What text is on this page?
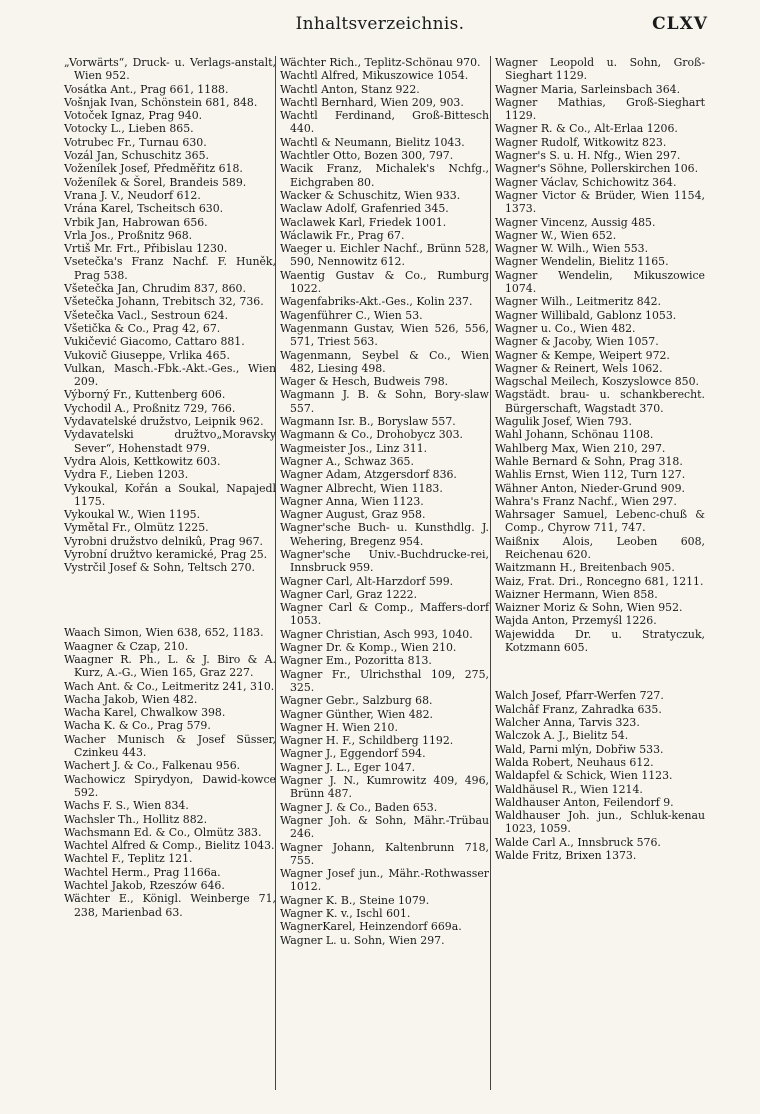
Inhaltsverzeichnis.	CLXV

„Vorwärts“, Druck- u. Verlags-anstalt, Wien 952.

Vosátka Ant., Prag 661, 1188.

Vošnjak Ivan, Schönstein 681, 848.

Votoček Ignaz, Prag 940.

Votocky L., Lieben 865.

Votrubec Fr., Turnau 630.

Vozál Jan, Schuschitz 365.

Voženílek Josef, Předměřitz 618.

Voženílek & Šorel, Brandeis 589.

Vrana J. V., Neudorf 612.

Vrána Karel, Tscheitsch 630.

Vrbik Jan, Habrowan 656.

Vrla Jos., Proßnitz 968.

Vrtiš Mr. Frt., Přibislau 1230.

Vsetečka's Franz Nachf. F. Huněk, Prag 538.

Všetečka Jan, Chrudim 837, 860.

Všetečka Johann, Trebitsch 32, 736.

Všetečka Vacl., Sestroun 624.

Všetička & Co., Prag 42, 67.

Vukičević Giacomo, Cattaro 881.

Vukovič Giuseppe, Vrlika 465.

Vulkan, Masch.-Fbk.-Akt.-Ges., Wien 209.

Výborný Fr., Kuttenberg 606.

Vychodil A., Proßnitz 729, 766.

Vydavatelské družstvo, Leipnik 962.

Vydavatelski družtvo„Moravsky Sever“, Hohenstadt 979.

Vydra Alois, Kettkowitz 603.

Vydra F., Lieben 1203.

Vykoukal, Kořán a Soukal, Napajedl 1175.

Vykoukal W., Wien 1195.

Vymětal Fr., Olmütz 1225.

Vyrobni družstvo delnikû, Prag 967.

Vyrobní družtvo keramické, Prag 25.

Vystrčil Josef & Sohn, Teltsch 270.

Waach Simon, Wien 638, 652, 1183.

Waagner & Czap, 210.

Waagner R. Ph., L. & J. Biro & A. Kurz, A.-G., Wien 165, Graz 227.

Wach Ant. & Co., Leitmeritz 241, 310.

Wacha Jakob, Wien 482.

Wacha Karel, Chwalkow 398.

Wacha K. & Co., Prag 579.

Wacher Munisch & Josef Süsser, Czinkeu 443.

Wachert J. & Co., Falkenau 956.

Wachowicz Spirydyon, Dawid-kowce 592.

Wachs F. S., Wien 834.

Wachsler Th., Hollitz 882.

Wachsmann Ed. & Co., Olmütz 383.

Wachtel Alfred & Comp., Bielitz 1043.

Wachtel F., Teplitz 121.

Wachtel Herm., Prag 1166a.

Wachtel Jakob, Rzeszów 646.

Wächter E., Königl. Weinberge 71, 238, Marienbad 63.

Wächter Rich., Teplitz-Schönau 970.

Wachtl Alfred, Mikuszowice 1054.

Wachtl Anton, Stanz 922.

Wachtl Bernhard, Wien 209, 903.

Wachtl Ferdinand, Groß-Bittesch 440.

Wachtl & Neumann, Bielitz 1043.

Wachtler Otto, Bozen 300, 797.

Wacik Franz, Michalek's Nchfg., Eichgraben 80.

Wacker & Schuschitz, Wien 933.

Waclaw Adolf, Grafenried 345.

Waclawek Karl, Friedek 1001.

Wáclawik Fr., Prag 67.

Waeger u. Eichler Nachf., Brünn 528, 590, Nennowitz 612.

Waentig Gustav & Co., Rumburg 1022.

Wagenfabriks-Akt.-Ges., Kolin 237.

Wagenführer C., Wien 53.

Wagenmann Gustav, Wien 526, 556, 571, Triest 563.

Wagenmann, Seybel & Co., Wien 482, Liesing 498.

Wager & Hesch, Budweis 798.

Wagmann J. B. & Sohn, Bory-slaw 557.

Wagmann Isr. B., Boryslaw 557.

Wagmann & Co., Drohobycz 303.

Wagmeister Jos., Linz 311.

Wagner A., Schwaz 365.

Wagner Adam, Atzgersdorf 836.

Wagner Albrecht, Wien 1183.

Wagner Anna, Wien 1123.

Wagner August, Graz 958.

Wagner'sche Buch- u. Kunsthdlg. J. Wehering, Bregenz 954.

Wagner'sche Univ.-Buchdrucke-rei, Innsbruck 959.

Wagner Carl, Alt-Harzdorf 599.

Wagner Carl, Graz 1222.

Wagner Carl & Comp., Maffers-dorf 1053.

Wagner Christian, Asch 993, 1040.

Wagner Dr. & Komp., Wien 210.

Wagner Em., Pozoritta 813.

Wagner Fr., Ulrichsthal 109, 275, 325.

Wagner Gebr., Salzburg 68.

Wagner Günther, Wien 482.

Wagner H. Wien 210.

Wagner H. F., Schildberg 1192.

Wagner J., Eggendorf 594.

Wagner J. L., Eger 1047.

Wagner J. N., Kumrowitz 409, 496, Brünn 487.

Wagner J. & Co., Baden 653.

Wagner Joh. & Sohn, Mähr.-Trübau 246.

Wagner Johann, Kaltenbrunn 718, 755.

Wagner Josef jun., Mähr.-Rothwasser 1012.

Wagner K. B., Steine 1079.

Wagner K. v., Ischl 601.

WagnerKarel, Heinzendorf 669a.

Wagner L. u. Sohn, Wien 297.

Wagner Leopold u. Sohn, Groß-Sieghart 1129.

Wagner Maria, Sarleinsbach 364.

Wagner Mathias, Groß-Sieghart 1129.

Wagner R. & Co., Alt-Erlaa 1206.

Wagner Rudolf, Witkowitz 823.

Wagner's S. u. H. Nfg., Wien 297.

Wagner's Söhne, Pollerskirchen 106.

Wagner Václav, Schichowitz 364.

Wagner Victor & Brüder, Wien 1154, 1373.

Wagner Vincenz, Aussig 485.

Wagner W., Wien 652.

Wagner W. Wilh., Wien 553.

Wagner Wendelin, Bielitz 1165.

Wagner Wendelin, Mikuszowice 1074.

Wagner Wilh., Leitmeritz 842.

Wagner Willibald, Gablonz 1053.

Wagner u. Co., Wien 482.

Wagner & Jacoby, Wien 1057.

Wagner & Kempe, Weipert 972.

Wagner & Reinert, Wels 1062.

Wagschal Meilech, Koszyslowce 850.

Wagstädt. brau- u. schankberecht. Bürgerschaft, Wagstadt 370.

Wagulik Josef, Wien 793.

Wahl Johann, Schönau 1108.

Wahlberg Max, Wien 210, 297.

Wahle Bernard & Sohn, Prag 318.

Wahlis Ernst, Wien 112, Turn 127.

Wähner Anton, Nieder-Grund 909.

Wahra's Franz Nachf., Wien 297.

Wahrsager Samuel, Lebenc-chuß & Comp., Chyrow 711, 747.

Waißnix Alois, Leoben 608, Reichenau 620.

Waitzmann H., Breitenbach 905.

Waiz, Frat. Dri., Roncegno 681, 1211.

Waizner Hermann, Wien 858.

Waizner Moriz & Sohn, Wien 952.

Wajda Anton, Przemyśl 1226.

Wajewidda Dr. u. Stratyczuk, Kotzmann 605.

Walch Josef, Pfarr-Werfen 727.

Walchâf Franz, Zahradka 635.

Walcher Anna, Tarvis 323.

Walczok A. J., Bielitz 54.

Wald, Parni mlýn, Dobřiw 533.

Walda Robert, Neuhaus 612.

Waldapfel & Schick, Wien 1123.

Waldhäusel R., Wien 1214.

Waldhauser Anton, Feilendorf 9.

Waldhauser Joh. jun., Schluk-kenau 1023, 1059.

Walde Carl A., Innsbruck 576.

Walde Fritz, Brixen 1373.
